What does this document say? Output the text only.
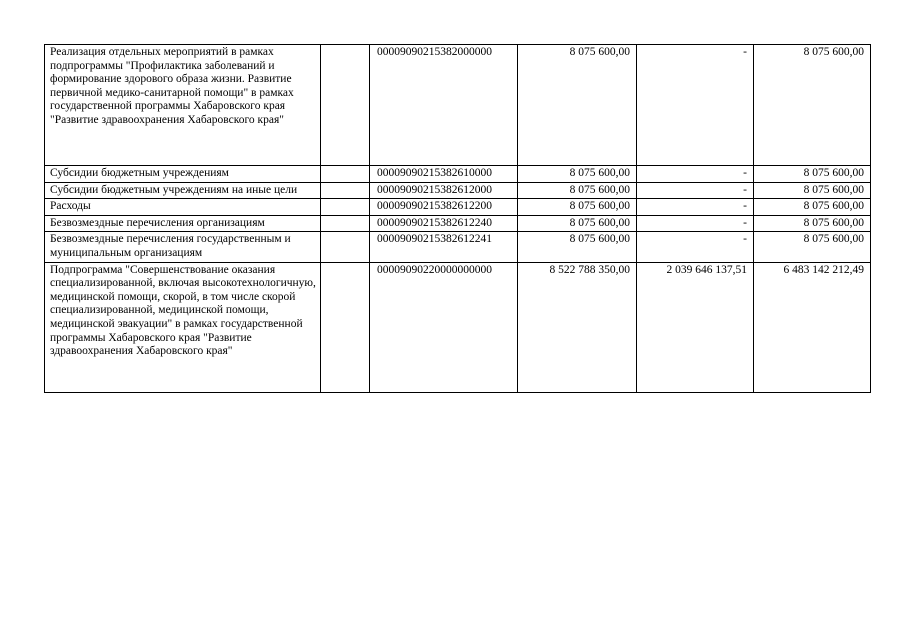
Реализация отдельных мероприятий в рамках подпрограммы "Профилактика заболеваний и формирование здорового образа жизни. Развитие первичной медико-санитарной помощи" в рамках государственной программы Хабаровского края "Развитие здравоохранения Хабаровского края"		00009090215382000000	8 075 600,00	-	8 075 600,00
Субсидии бюджетным учреждениям		00009090215382610000	8 075 600,00	-	8 075 600,00
Субсидии бюджетным учреждениям на иные цели		00009090215382612000	8 075 600,00	-	8 075 600,00
Расходы		00009090215382612200	8 075 600,00	-	8 075 600,00
Безвозмездные перечисления организациям		00009090215382612240	8 075 600,00	-	8 075 600,00
Безвозмездные перечисления государственным и муниципальным организациям		00009090215382612241	8 075 600,00	-	8 075 600,00
Подпрограмма "Совершенствование оказания специализированной, включая высокотехнологичную, медицинской помощи, скорой, в том числе скорой специализированной, медицинской помощи, медицинской эвакуации" в рамках государственной программы Хабаровского края "Развитие здравоохранения Хабаровского края"		00009090220000000000	8 522 788 350,00	2 039 646 137,51	6 483 142 212,49
